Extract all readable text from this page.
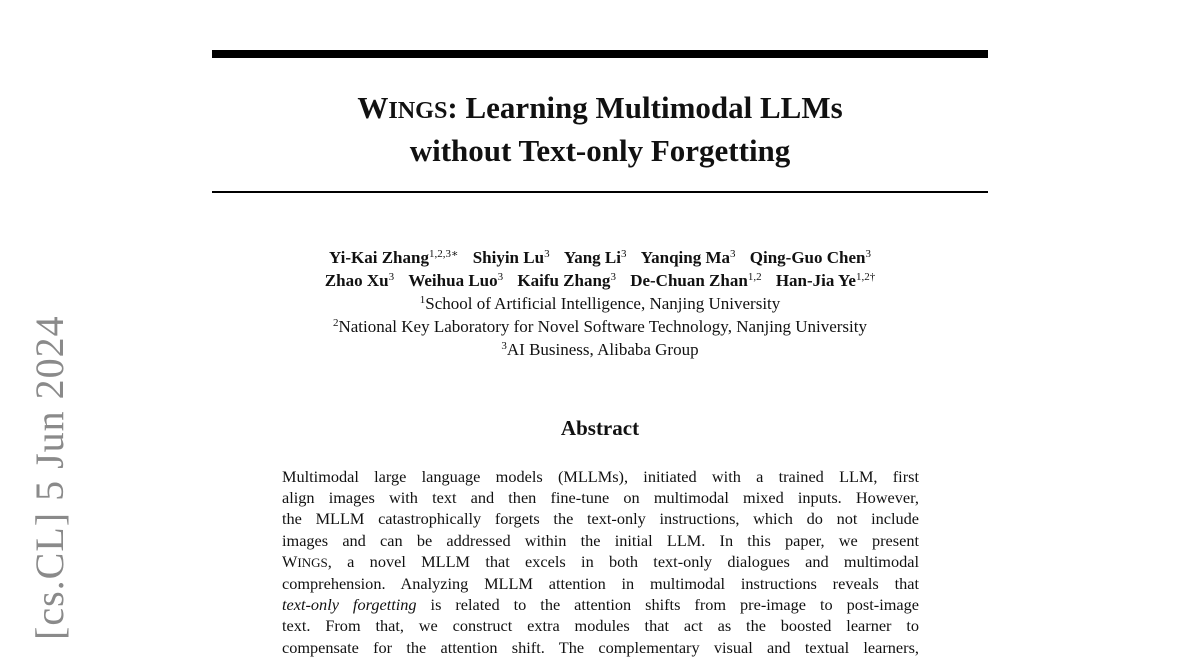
WINGS: Learning Multimodal LLMs
without Text-only Forgetting
Yi-Kai Zhang$^{1,2,3∗}$ Shiyin Lu$^3$ Yang Li$^3$ Yanqing Ma$^3$ Qing-Guo Chen$^3$
Zhao Xu$^3$ Weihua Luo$^3$ Kaifu Zhang$^3$ De-Chuan Zhan$^{1,2}$ Han-Jia $Ye^{1,2\dagger}$
$^1$School of Artificial Intelligence, Nanjing University
$^2$National Key Laboratory for Novel Software Technology, Nanjing University
$^3$AI Business, Alibaba Group
Abstract
Multimodal large language models (MLLMs), initiated with a trained LLM, first
align images with text and then fine-tune on multimodal mixed inputs. However,
the MLLM catastrophically forgets the text-only instructions, which do not include
images and can be addressed within the initial LLM. In this paper, we present
WINGS, a novel MLLM that excels in both text-only dialogues and multimodal
comprehension. Analyzing MLLM attention in multimodal instructions reveals that
text-only forgetting is related to the attention shifts from pre-image to post-image
text. From that, we construct extra modules that act as the boosted learner to
compensate for the attention shift. The complementary visual and textual learners,
[cs.CL] 5 Jun 2024
